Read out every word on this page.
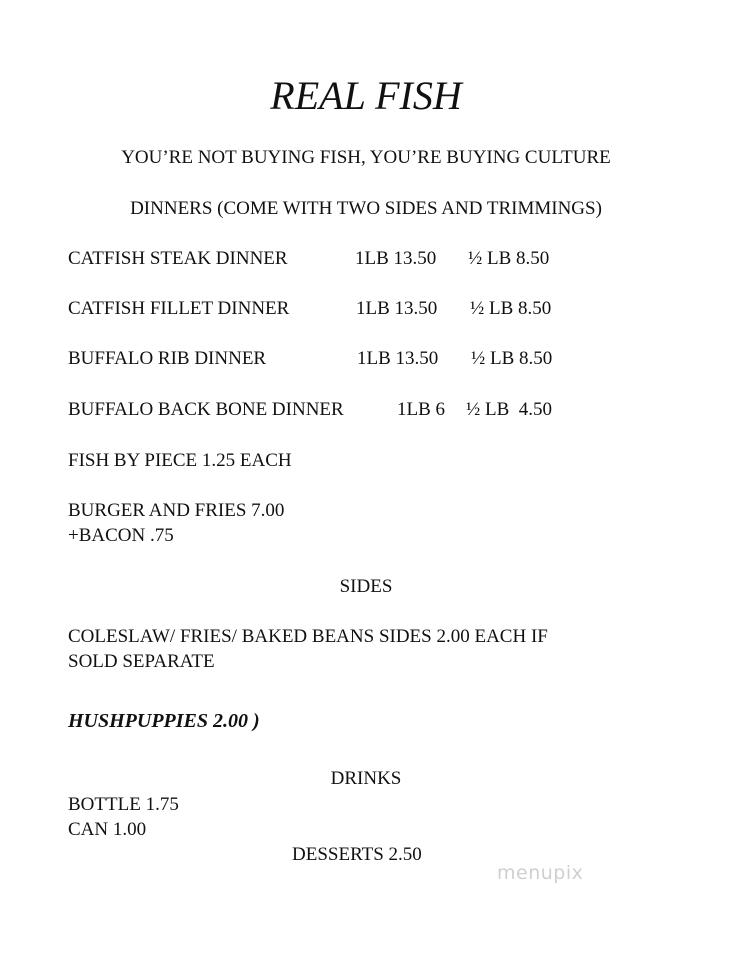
REAL FISH
YOU’RE NOT BUYING FISH, YOU’RE BUYING CULTURE
DINNERS (COME WITH TWO SIDES AND TRIMMINGS)
CATFISH STEAK DINNER	1LB 13.50 ½ LB 8.50
CATFISH FILLET DINNER	1LB 13.50 ½ LB 8.50
BUFFALO RIB DINNER	1LB 13.50 ½ LB 8.50
BUFFALO BACK BONE DINNER	1LB 6 ½ LB  4.50
FISH BY PIECE 1.25 EACH
BURGER AND FRIES 7.00
+BACON .75
SIDES
COLESLAW/ FRIES/ BAKED BEANS SIDES 2.00 EACH IF
SOLD SEPARATE
HUSHPUPPIES 2.00 )
DRINKS
BOTTLE 1.75
CAN 1.00
DESSERTS 2.50
menupix
